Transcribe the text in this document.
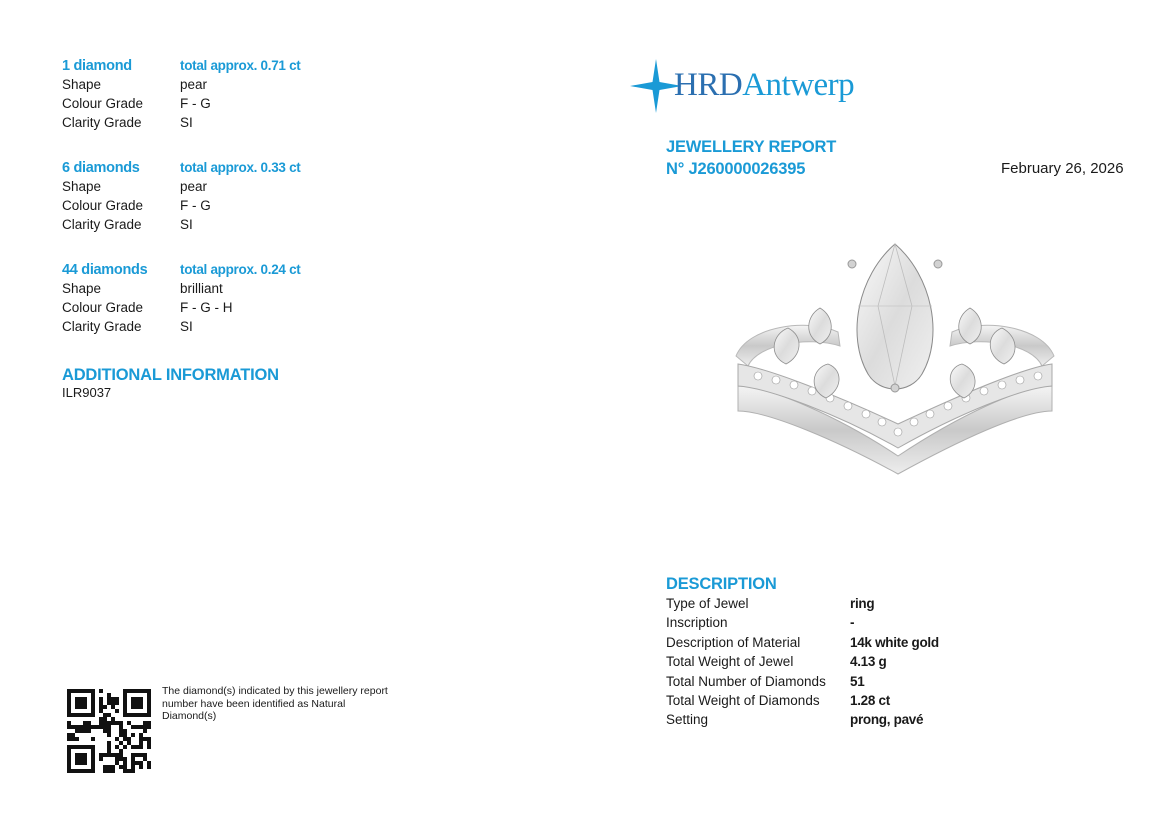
1 diamond	total approx. 0.71 ct
Shape	pear
Colour Grade	F - G
Clarity Grade	SI
6 diamonds	total approx. 0.33 ct
Shape	pear
Colour Grade	F - G
Clarity Grade	SI
44 diamonds total approx. 0.24 ct
Shape	brilliant
Colour Grade	F - G - H
Clarity Grade	SI
ADDITIONAL INFORMATION
ILR9037
The diamond(s) indicated by this jewellery report number have been identified as Natural Diamond(s)
HRDAntwerp
JEWELLERY REPORT
N° J260000026395	February 26, 2026
DESCRIPTION
Type of Jewel	ring
Inscription	-
Description of Material	14k white gold
Total Weight of Jewel	4.13 g
Total Number of Diamonds 51
Total Weight of Diamonds 1.28 ct
Setting	prong, pavé
